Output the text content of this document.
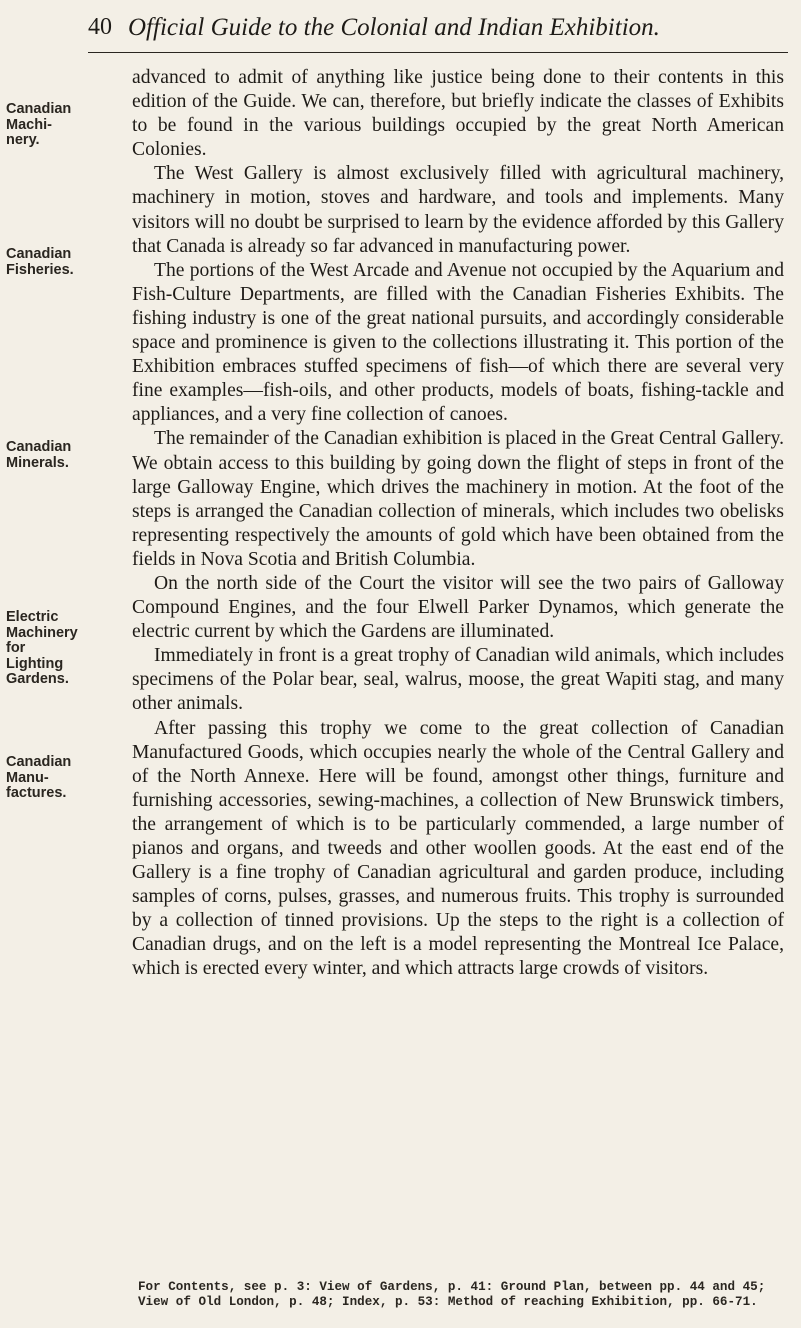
40 Official Guide to the Colonial and Indian Exhibition.
Canadian
Machi-
nery.
Canadian
Fisheries.
Canadian
Minerals.
Electric
Machinery
for
Lighting
Gardens.
Canadian
Manu-
factures.

advanced to admit of anything like justice being done to their contents in this edition of the Guide. We can, therefore, but briefly indicate the classes of Exhibits to be found in the various buildings occupied by the great North American Colonies.

The West Gallery is almost exclusively filled with agricultural machinery, machinery in motion, stoves and hardware, and tools and implements. Many visitors will no doubt be surprised to learn by the evidence afforded by this Gallery that Canada is already so far advanced in manufacturing power.

The portions of the West Arcade and Avenue not occupied by the Aquarium and Fish-Culture Departments, are filled with the Canadian Fisheries Exhibits. The fishing industry is one of the great national pursuits, and accordingly considerable space and prominence is given to the collections illustrating it. This portion of the Exhibition embraces stuffed specimens of fish—of which there are several very fine examples—fish-oils, and other products, models of boats, fishing-tackle and appliances, and a very fine collection of canoes.

The remainder of the Canadian exhibition is placed in the Great Central Gallery. We obtain access to this building by going down the flight of steps in front of the large Galloway Engine, which drives the machinery in motion. At the foot of the steps is arranged the Canadian collection of minerals, which includes two obelisks representing respectively the amounts of gold which have been obtained from the fields in Nova Scotia and British Columbia.

On the north side of the Court the visitor will see the two pairs of Galloway Compound Engines, and the four Elwell Parker Dynamos, which generate the electric current by which the Gardens are illuminated.

Immediately in front is a great trophy of Canadian wild animals, which includes specimens of the Polar bear, seal, walrus, moose, the great Wapiti stag, and many other animals.

After passing this trophy we come to the great collection of Canadian Manufactured Goods, which occupies nearly the whole of the Central Gallery and of the North Annexe. Here will be found, amongst other things, furniture and furnishing accessories, sewing-machines, a collection of New Brunswick timbers, the arrangement of which is to be particularly commended, a large number of pianos and organs, and tweeds and other woollen goods. At the east end of the Gallery is a fine trophy of Canadian agricultural and garden produce, including samples of corns, pulses, grasses, and numerous fruits. This trophy is surrounded by a collection of tinned provisions. Up the steps to the right is a collection of Canadian drugs, and on the left is a model representing the Montreal Ice Palace, which is erected every winter, and which attracts large crowds of visitors.

For Contents, see p. 3: View of Gardens, p. 41: Ground Plan, between pp. 44 and 45;
View of Old London, p. 48; Index, p. 53: Method of reaching Exhibition, pp. 66-71.
